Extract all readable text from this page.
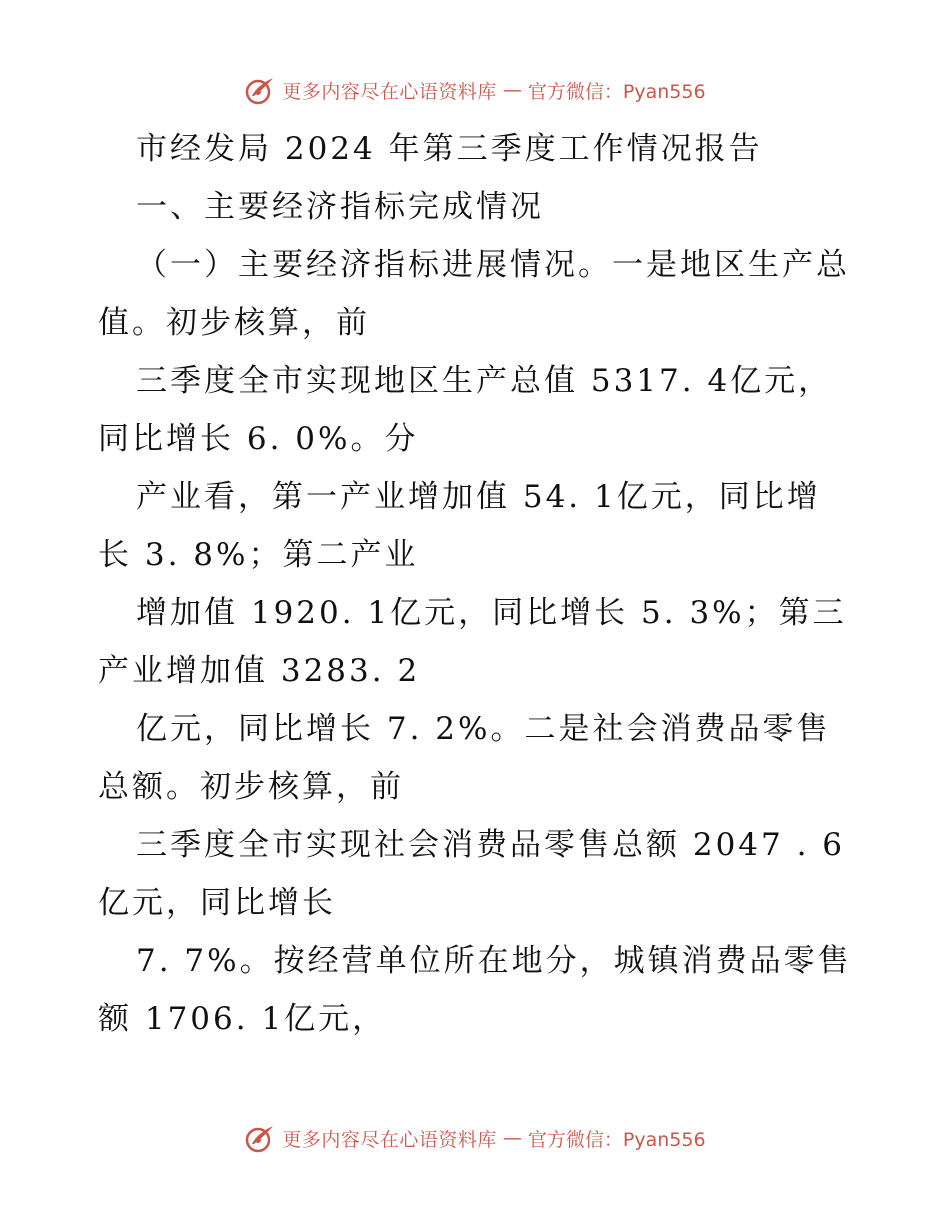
更多内容尽在心语资料库 — 官方微信：Pyan556
市经发局 2024 年第三季度工作情况报告
一、主要经济指标完成情况
（一）主要经济指标进展情况。一是地区生产总
值。初步核算，前
三季度全市实现地区生产总值 5317. 4亿元，
同比增长 6. 0%。分
产业看，第一产业增加值 54. 1亿元，同比增
长 3. 8%；第二产业
增加值 1920. 1亿元，同比增长 5. 3%；第三
产业增加值 3283. 2
亿元，同比增长 7. 2%。二是社会消费品零售
总额。初步核算，前
三季度全市实现社会消费品零售总额 2047 . 6
亿元，同比增长
7. 7%。按经营单位所在地分，城镇消费品零售
额 1706. 1亿元，
更多内容尽在心语资料库 — 官方微信：Pyan556
